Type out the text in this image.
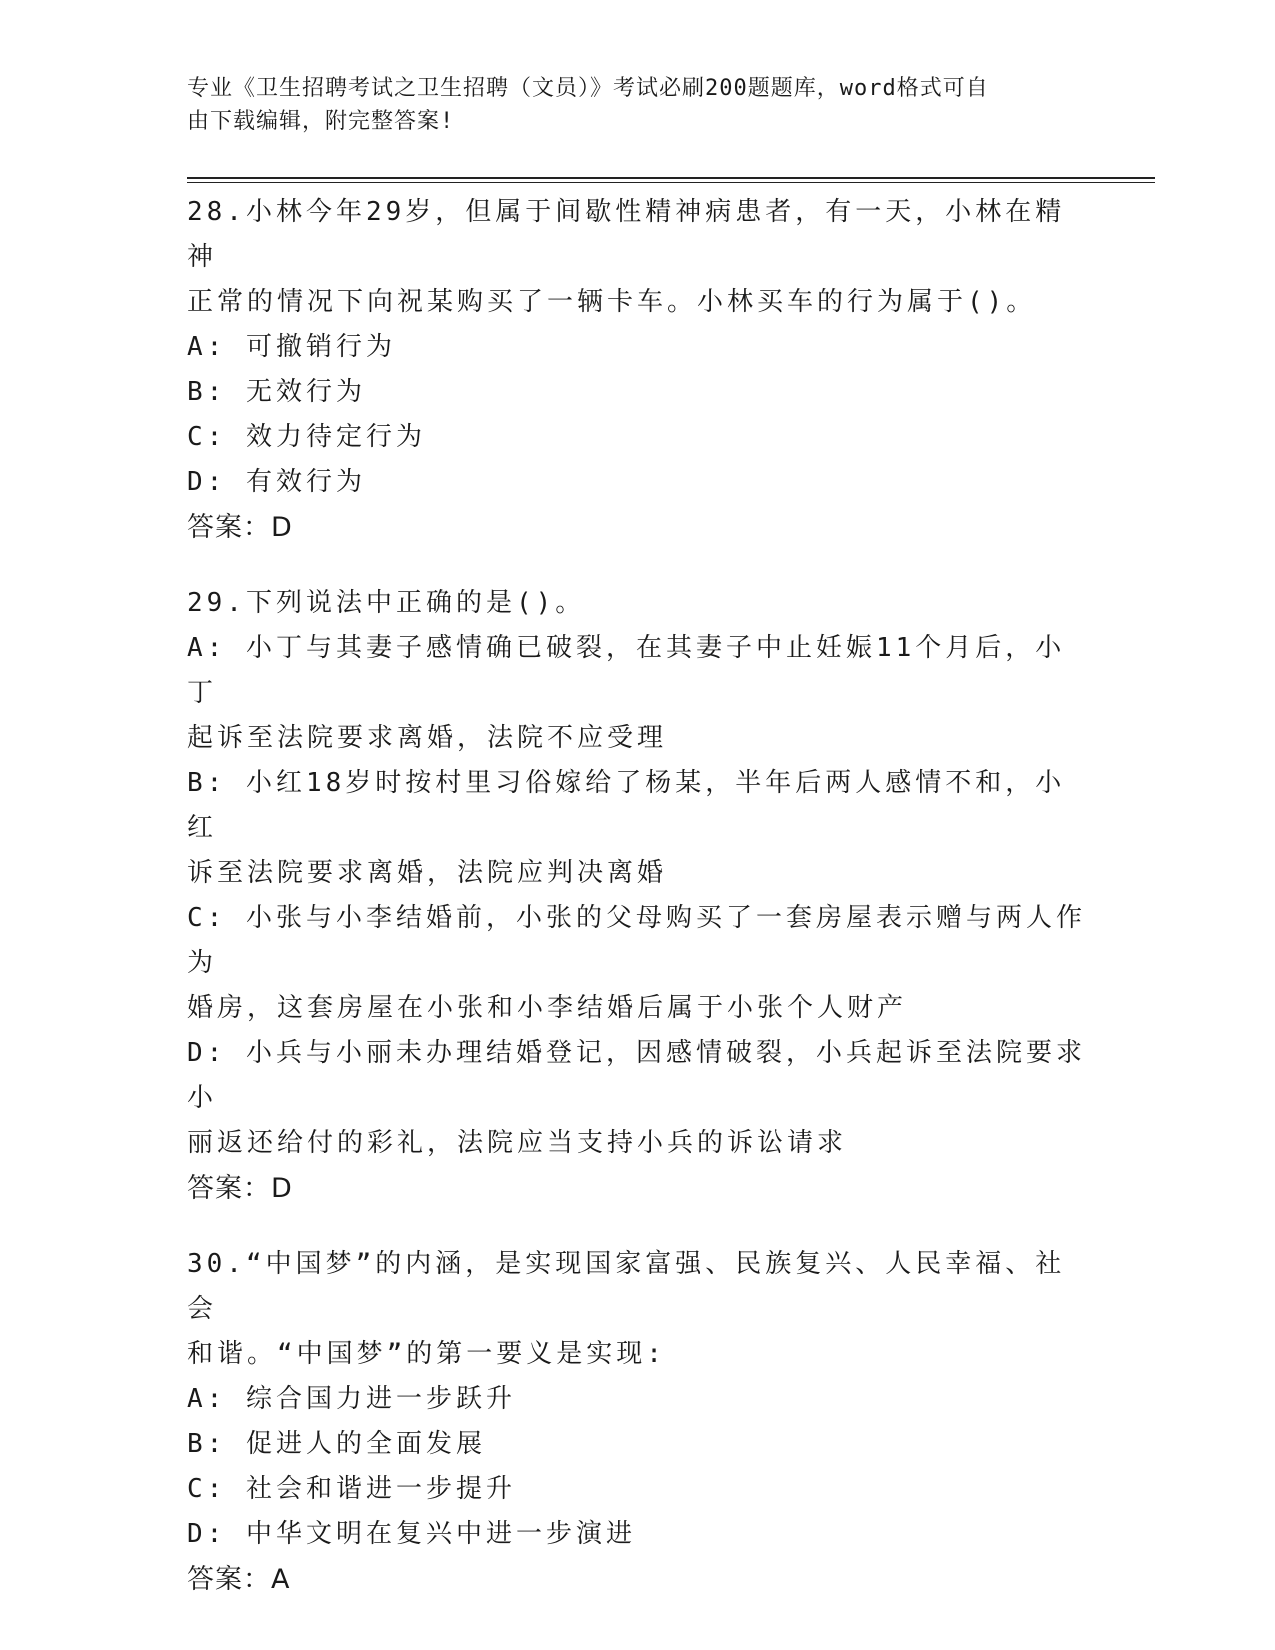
专业《卫生招聘考试之卫生招聘（文员）》考试必刷200题题库，word格式可自
由下载编辑，附完整答案!
28.小林今年29岁，但属于间歇性精神病患者，有一天，小林在精神
正常的情况下向祝某购买了一辆卡车。小林买车的行为属于()。
A: 可撤销行为
B: 无效行为
C: 效力待定行为
D: 有效行为
答案：D
29.下列说法中正确的是()。
A: 小丁与其妻子感情确已破裂，在其妻子中止妊娠11个月后，小丁
起诉至法院要求离婚，法院不应受理
B: 小红18岁时按村里习俗嫁给了杨某，半年后两人感情不和，小红
诉至法院要求离婚，法院应判决离婚
C: 小张与小李结婚前，小张的父母购买了一套房屋表示赠与两人作为
婚房，这套房屋在小张和小李结婚后属于小张个人财产
D: 小兵与小丽未办理结婚登记，因感情破裂，小兵起诉至法院要求小
丽返还给付的彩礼，法院应当支持小兵的诉讼请求
答案：D
30.“中国梦”的内涵，是实现国家富强、民族复兴、人民幸福、社会
和谐。“中国梦”的第一要义是实现:
A: 综合国力进一步跃升
B: 促进人的全面发展
C: 社会和谐进一步提升
D: 中华文明在复兴中进一步演进
答案：A
